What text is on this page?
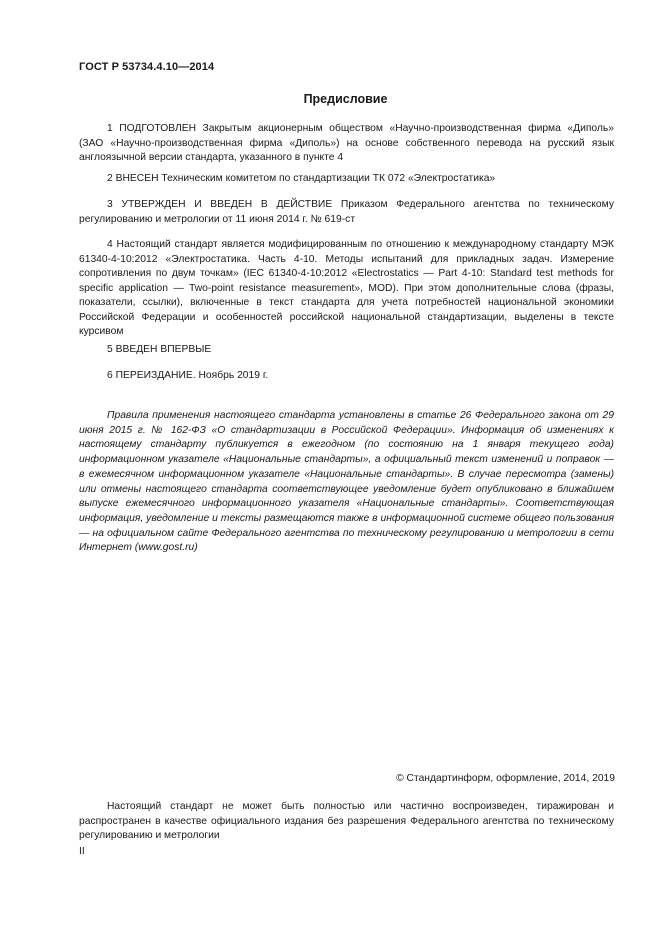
ГОСТ Р 53734.4.10—2014
Предисловие

1 ПОДГОТОВЛЕН Закрытым акционерным обществом «Научно-производственная фирма «Диполь» (ЗАО «Научно-производственная фирма «Диполь») на основе собственного перевода на русский язык англоязычной версии стандарта, указанного в пункте 4

2 ВНЕСЕН Техническим комитетом по стандартизации ТК 072 «Электростатика»

3 УТВЕРЖДЕН И ВВЕДЕН В ДЕЙСТВИЕ Приказом Федерального агентства по техническому регулированию и метрологии от 11 июня 2014 г. № 619-ст

4 Настоящий стандарт является модифицированным по отношению к международному стандарту МЭК 61340-4-10:2012 «Электростатика. Часть 4-10. Методы испытаний для прикладных задач. Измерение сопротивления по двум точкам» (IEC 61340-4-10:2012 «Electrostatics — Part 4-10: Standard test methods for specific application — Two-point resistance measurement», MOD). При этом дополнительные слова (фразы, показатели, ссылки), включенные в текст стандарта для учета потребностей национальной экономики Российской Федерации и особенностей российской национальной стандартизации, выделены в тексте курсивом

5 ВВЕДЕН ВПЕРВЫЕ

6 ПЕРЕИЗДАНИЕ. Ноябрь 2019 г.

Правила применения настоящего стандарта установлены в статье 26 Федерального закона от 29 июня 2015 г. № 162-ФЗ «О стандартизации в Российской Федерации». Информация об изменениях к настоящему стандарту публикуется в ежегодном (по состоянию на 1 января текущего года) информационном указателе «Национальные стандарты», а официальный текст изменений и поправок — в ежемесячном информационном указателе «Национальные стандарты». В случае пересмотра (замены) или отмены настоящего стандарта соответствующее уведомление будет опубликовано в ближайшем выпуске ежемесячного информационного указателя «Национальные стандарты». Соответствующая информация, уведомление и тексты размещаются также в информационной системе общего пользования — на официальном сайте Федерального агентства по техническому регулированию и метрологии в сети Интернет (www.gost.ru)

© Стандартинформ, оформление, 2014, 2019

Настоящий стандарт не может быть полностью или частично воспроизведен, тиражирован и распространен в качестве официального издания без разрешения Федерального агентства по техническому регулированию и метрологии

II
